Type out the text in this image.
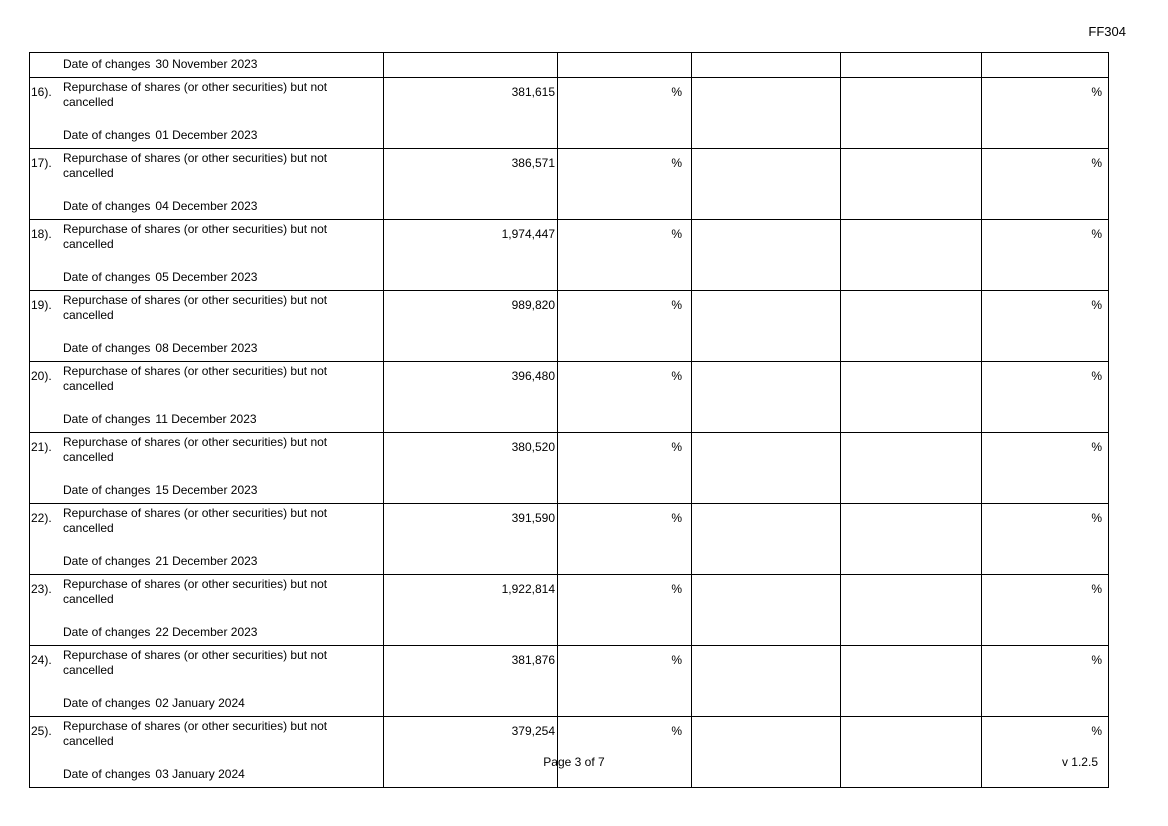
FF304
Date of changes 30 November 2023					

16). Repurchase of shares (or other securities) but not cancelled
Date of changes 01 December 2023	381,615	%			%

17). Repurchase of shares (or other securities) but not cancelled
Date of changes 04 December 2023	386,571	%			%

18). Repurchase of shares (or other securities) but not cancelled
Date of changes 05 December 2023	1,974,447	%			%

19). Repurchase of shares (or other securities) but not cancelled
Date of changes 08 December 2023	989,820	%			%

20). Repurchase of shares (or other securities) but not cancelled
Date of changes 11 December 2023	396,480	%			%

21). Repurchase of shares (or other securities) but not cancelled
Date of changes 15 December 2023	380,520	%			%

22). Repurchase of shares (or other securities) but not cancelled
Date of changes 21 December 2023	391,590	%			%

23). Repurchase of shares (or other securities) but not cancelled
Date of changes 22 December 2023	1,922,814	%			%

24). Repurchase of shares (or other securities) but not cancelled
Date of changes 02 January 2024	381,876	%			%

25). Repurchase of shares (or other securities) but not cancelled
Date of changes 03 January 2024	379,254	%			%
Page 3 of 7	v 1.2.5
